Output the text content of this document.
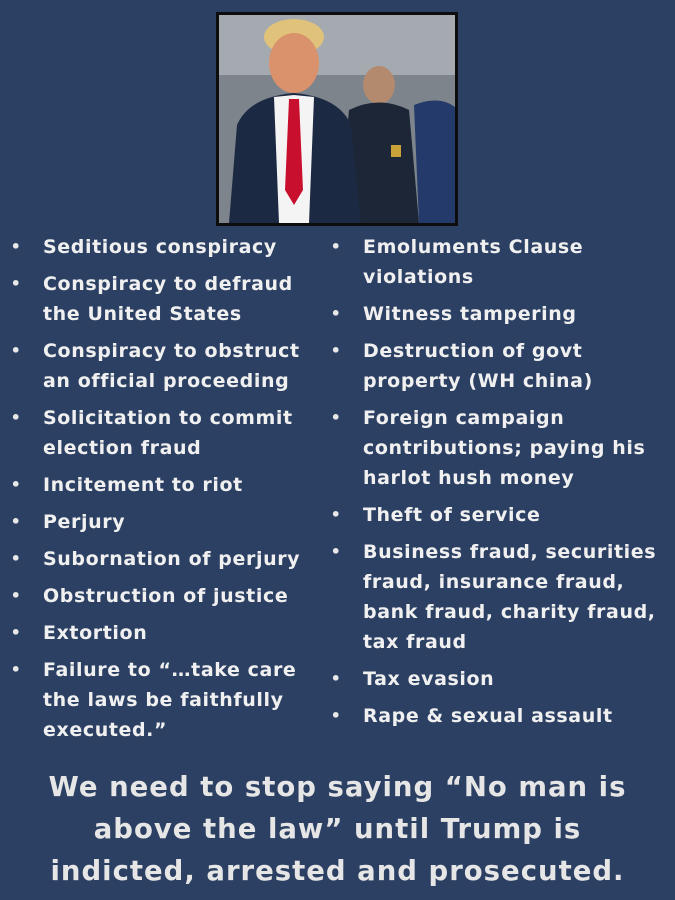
• Seditious conspiracy
• Conspiracy to defraud
the United States
• Conspiracy to obstruct
an official proceeding
• Solicitation to commit
election fraud
• Incitement to riot
• Perjury
• Subornation of perjury
• Obstruction of justice
• Extortion
• Failure to “…take care
the laws be faithfully
executed.”
• Emoluments Clause
violations
• Witness tampering
• Destruction of govt
property (WH china)
• Foreign campaign
contributions; paying his
harlot hush money
• Theft of service
• Business fraud, securities
fraud, insurance fraud,
bank fraud, charity fraud,
tax fraud
• Tax evasion
• Rape & sexual assault
We need to stop saying “No man is
above the law” until Trump is
indicted, arrested and prosecuted.
